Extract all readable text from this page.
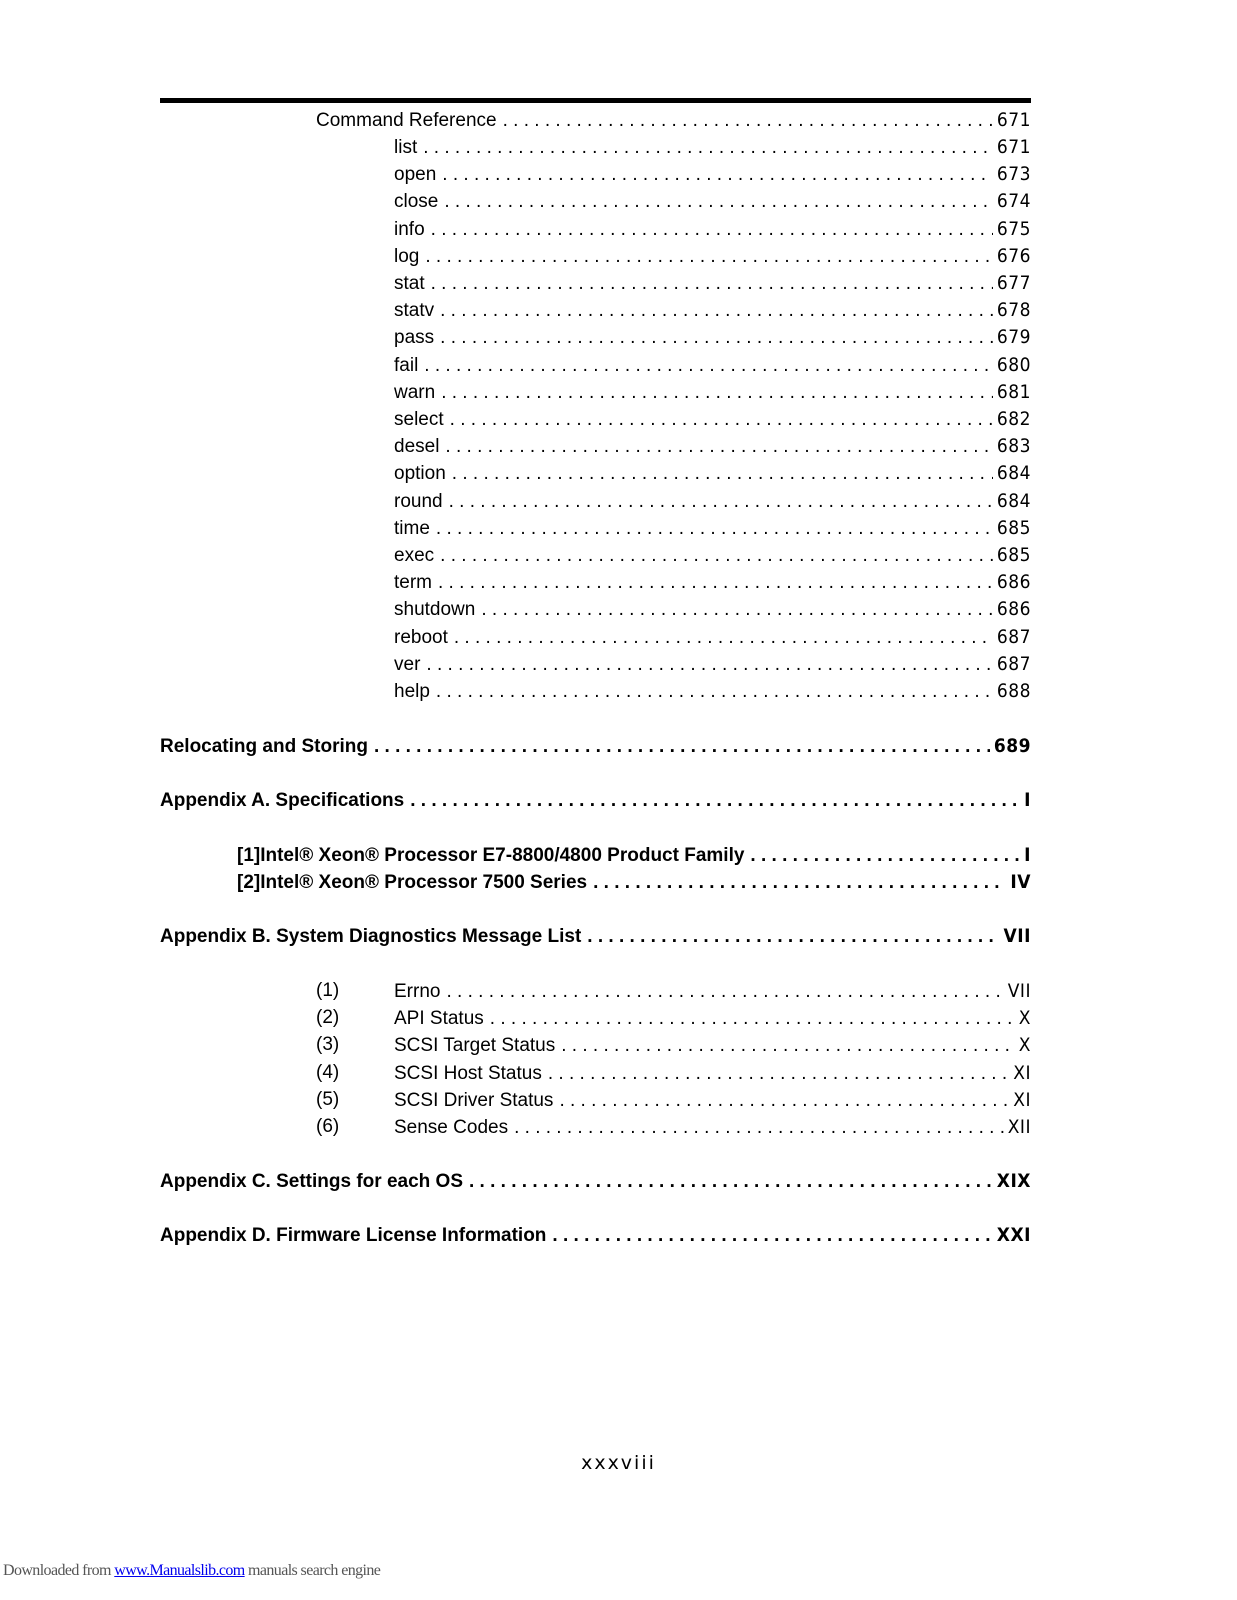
Command Reference . . .	671
list . . .	671
open . . .	673
close . . .	674
info . . .	675
log . . .	676
stat . . .	677
statv . . .	678
pass . . .	679
fail . . .	680
warn . . .	681
select . . .	682
desel . . .	683
option . . .	684
round . . .	684
time . . .	685
exec . . .	685
term . . .	686
shutdown . . .	686
reboot . . .	687
ver . . .	687
help . . .	688
Relocating and Storing . . .	689
Appendix A. Specifications . . .	I
[1]Intel® Xeon® Processor E7-8800/4800 Product Family . . .	I
[2]Intel® Xeon® Processor 7500 Series . . .	IV
Appendix B. System Diagnostics Message List . . .	VII
(1)	Errno . . .	VII
(2)	API Status . . .	X
(3)	SCSI Target Status . . .	X
(4)	SCSI Host Status . . .	XI
(5)	SCSI Driver Status . . .	XI
(6)	Sense Codes . . .	XII
Appendix C. Settings for each OS . . .	XIX
Appendix D. Firmware License Information . . .	XXI
xxxviii
Downloaded from www.Manualslib.com manuals search engine
